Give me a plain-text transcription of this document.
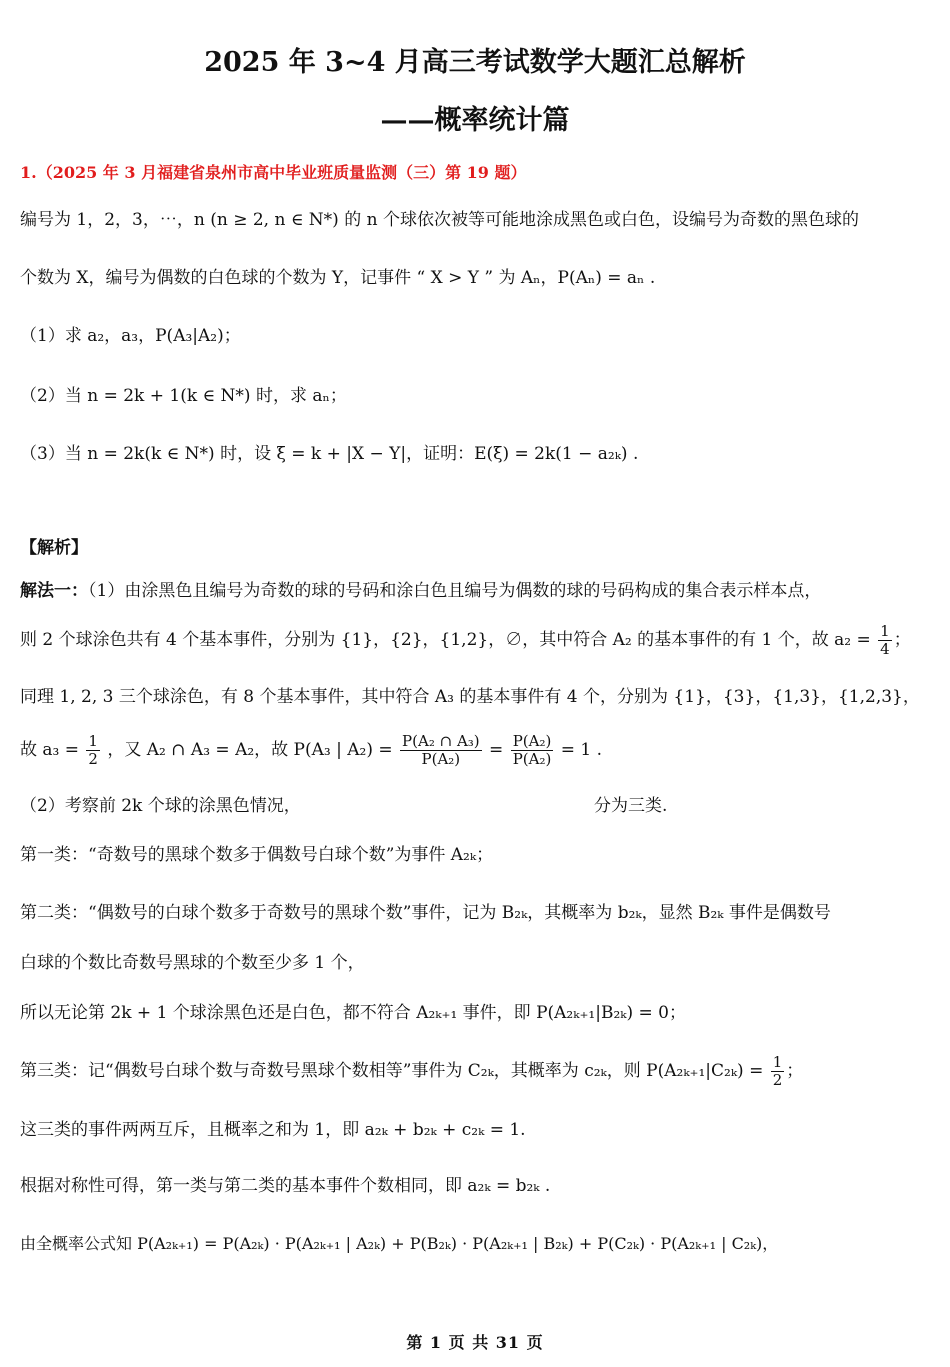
2025 年 3~4 月高三考试数学大题汇总解析
——概率统计篇
1.（2025 年 3 月福建省泉州市高中毕业班质量监测（三）第 19 题）
编号为 1，2，3，⋯，n (n ≥ 2, n ∈ N*) 的 n 个球依次被等可能地涂成黑色或白色，设编号为奇数的黑色球的
个数为 X，编号为偶数的白色球的个数为 Y，记事件 “ X > Y ” 为 Aₙ，P(Aₙ) = aₙ .
（1）求 a₂，a₃，P(A₃|A₂)；
（2）当 n = 2k + 1(k ∈ N*) 时，求 aₙ；
（3）当 n = 2k(k ∈ N*) 时，设 ξ = k + |X − Y|，证明：E(ξ) = 2k(1 − a₂ₖ) .
【解析】
解法一：（1）由涂黑色且编号为奇数的球的号码和涂白色且编号为偶数的球的号码构成的集合表示样本点，
则 2 个球涂色共有 4 个基本事件，分别为 {1}，{2}，{1,2}，∅，其中符合 A₂ 的基本事件的有 1 个，故 $a_2 = \frac{1}{4}$ ；
同理 1, 2, 3 三个球涂色，有 8 个基本事件，其中符合 A₃ 的基本事件有 4 个，分别为 {1}，{3}，{1,3}，{1,2,3}，
故 $a_3 = \frac{1}{2}$ ，又 A₂ ∩ A₃ = A₂，故 P(A₃ | $A_2) = \frac{\text{P(A₂ ∩ A₃)}}{\text{P(A₂)}} = \frac{\text{P(A₂)}}{\text{P(A₂)}} = 1$ .
（2）考察前 2k 个球的涂黑色情况，	分为三类.
第一类：“奇数号的黑球个数多于偶数号白球个数”为事件 A₂ₖ；
第二类：“偶数号的白球个数多于奇数号的黑球个数”事件，记为 B₂ₖ，其概率为 b₂ₖ，显然 B₂ₖ 事件是偶数号
白球的个数比奇数号黑球的个数至少多 1 个，
所以无论第 2k + 1 个球涂黑色还是白色，都不符合 A₂ₖ₊₁ 事件，即 P(A₂ₖ₊₁|B₂ₖ) = 0；
第三类：记“偶数号白球个数与奇数号黑球个数相等”事件为 C₂ₖ，其概率为 c₂ₖ，则 $P(A_{2k+1}|C_{2k}) = \frac{1}{2}$ ；
这三类的事件两两互斥，且概率之和为 1，即 a₂ₖ + b₂ₖ + c₂ₖ = 1.
根据对称性可得，第一类与第二类的基本事件个数相同，即 a₂ₖ = b₂ₖ .
由全概率公式知 P(A₂ₖ₊₁) = P(A₂ₖ) · P(A₂ₖ₊₁ | A₂ₖ) + P(B₂ₖ) · P(A₂ₖ₊₁ | B₂ₖ) + P(C₂ₖ) · P(A₂ₖ₊₁ | C₂ₖ)，
第 1 页 共 31 页
